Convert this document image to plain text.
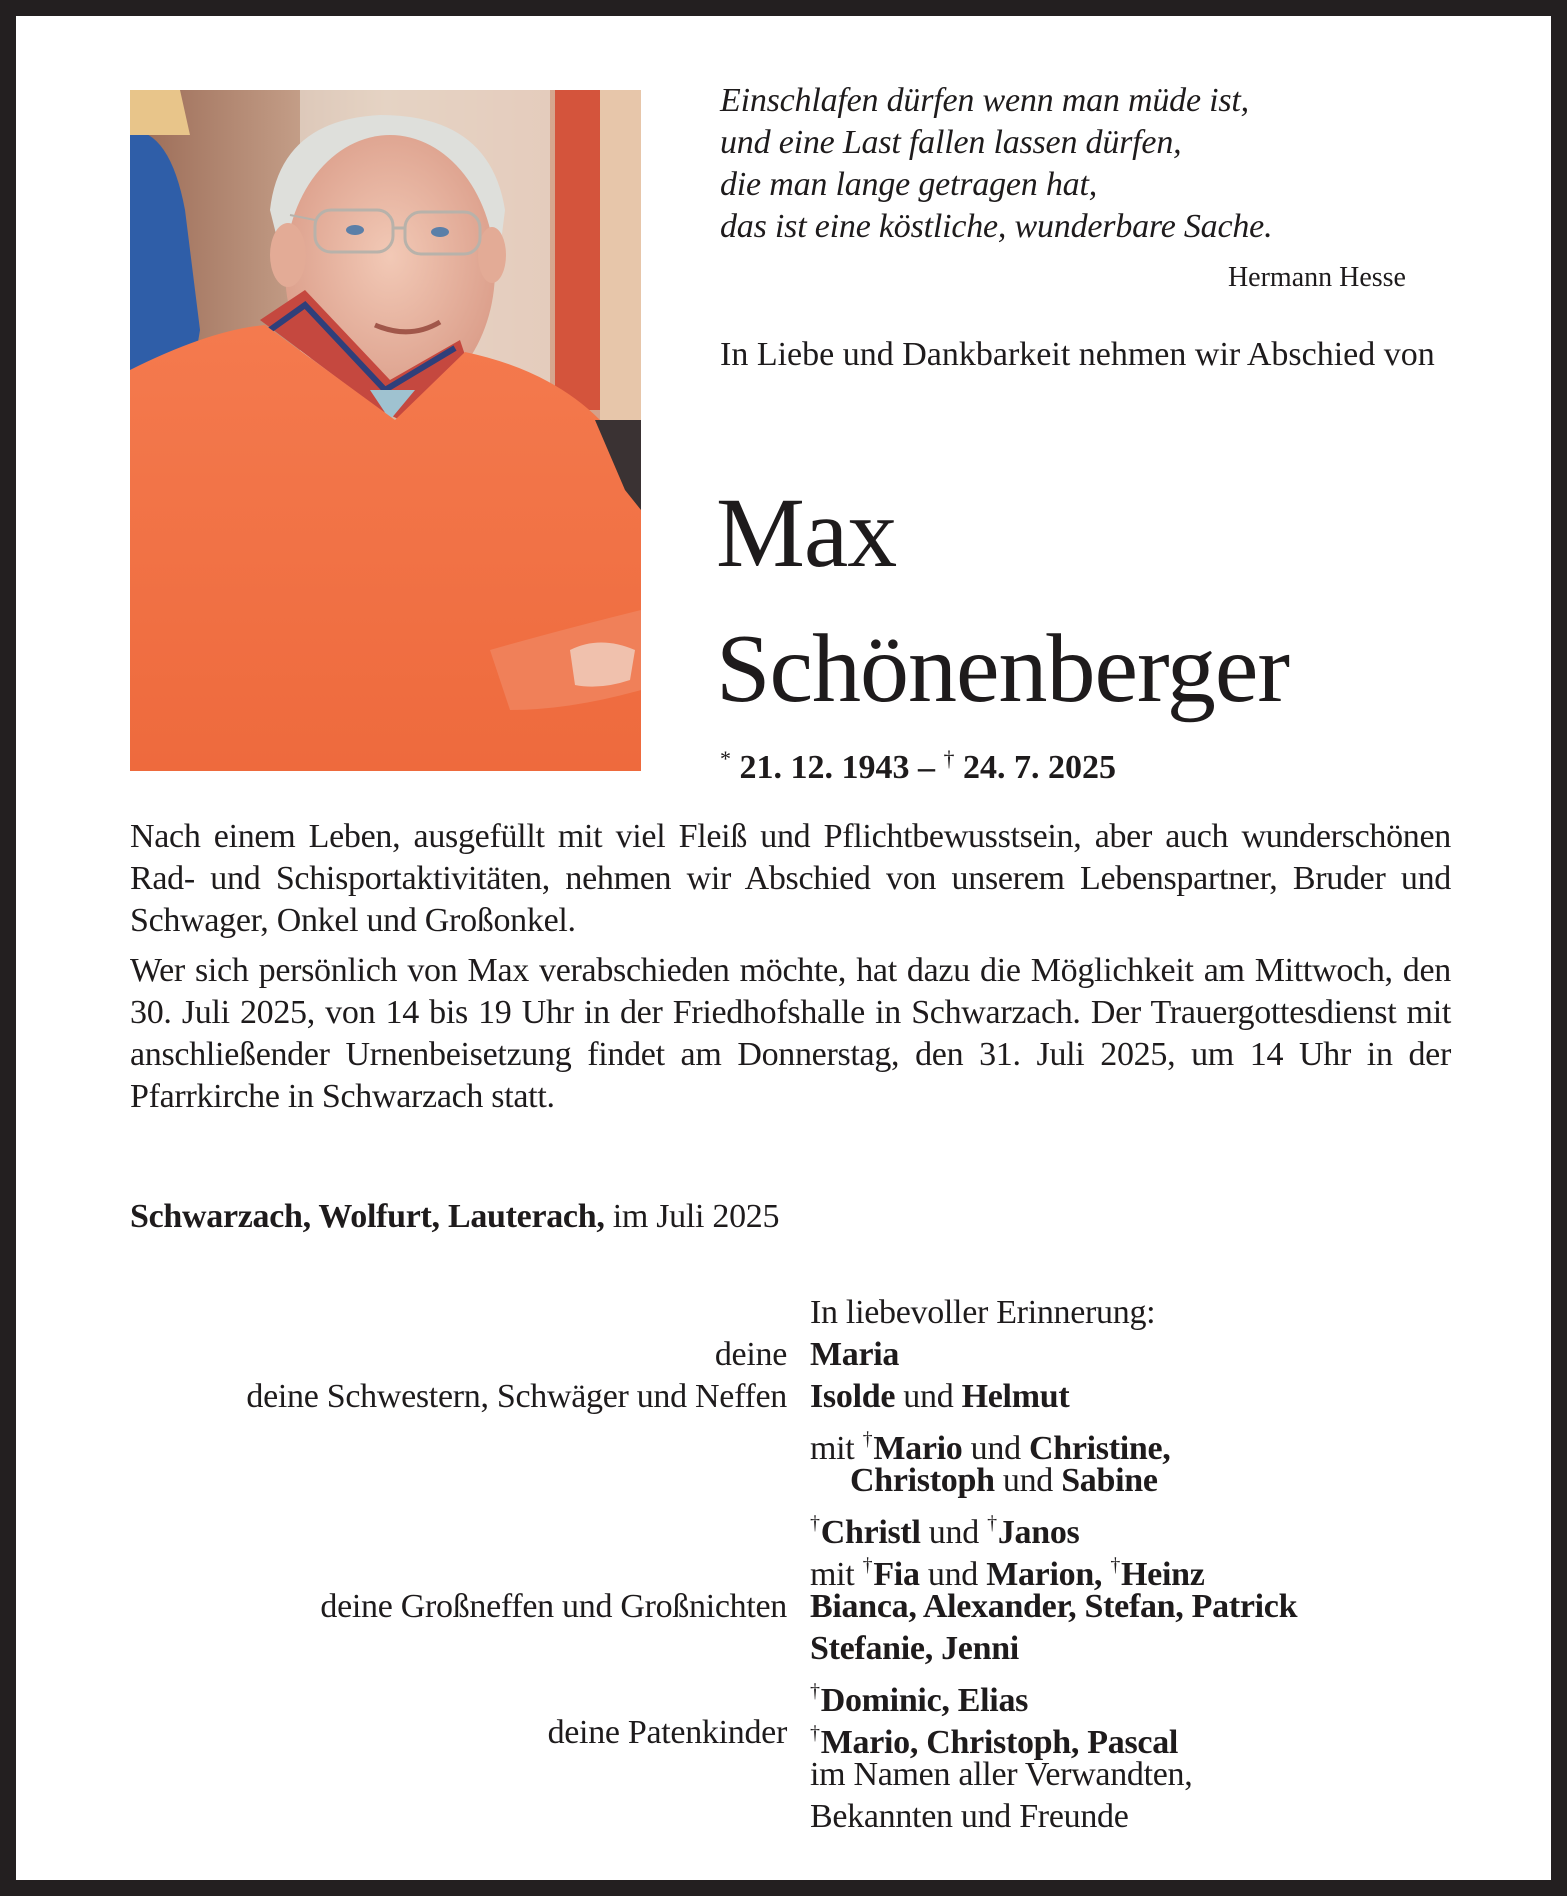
Einschlafen dürfen wenn man müde ist,
und eine Last fallen lassen dürfen,
die man lange getragen hat,
das ist eine köstliche, wunderbare Sache.
Hermann Hesse
In Liebe und Dankbarkeit nehmen wir Abschied von
Max
Schönenberger
* 21. 12. 1943 – † 24. 7. 2025

Nach einem Leben, ausgefüllt mit viel Fleiß und Pflichtbewusstsein, aber auch wunderschönen Rad- und Schisportaktivitäten, nehmen wir Abschied von unserem Lebenspartner, Bruder und Schwager, Onkel und Großonkel.

Wer sich persönlich von Max verabschieden möchte, hat dazu die Möglichkeit am Mittwoch, den 30. Juli 2025, von 14 bis 19 Uhr in der Friedhofshalle in Schwarzach. Der Trauergottesdienst mit anschließender Urnenbeisetzung findet am Donnerstag, den 31. Juli 2025, um 14 Uhr in der Pfarrkirche in Schwarzach statt.

Schwarzach, Wolfurt, Lauterach, im Juli 2025
In liebevoller Erinnerung:
deine Maria
deine Schwestern, Schwäger und Neffen Isolde und Helmut
mit †Mario und Christine,
Christoph und Sabine
†Christl und †Janos
mit †Fia und Marion, †Heinz
deine Großneffen und Großnichten Bianca, Alexander, Stefan, Patrick
Stefanie, Jenni
†Dominic, Elias
deine Patenkinder †Mario, Christoph, Pascal
im Namen aller Verwandten,
Bekannten und Freunde
